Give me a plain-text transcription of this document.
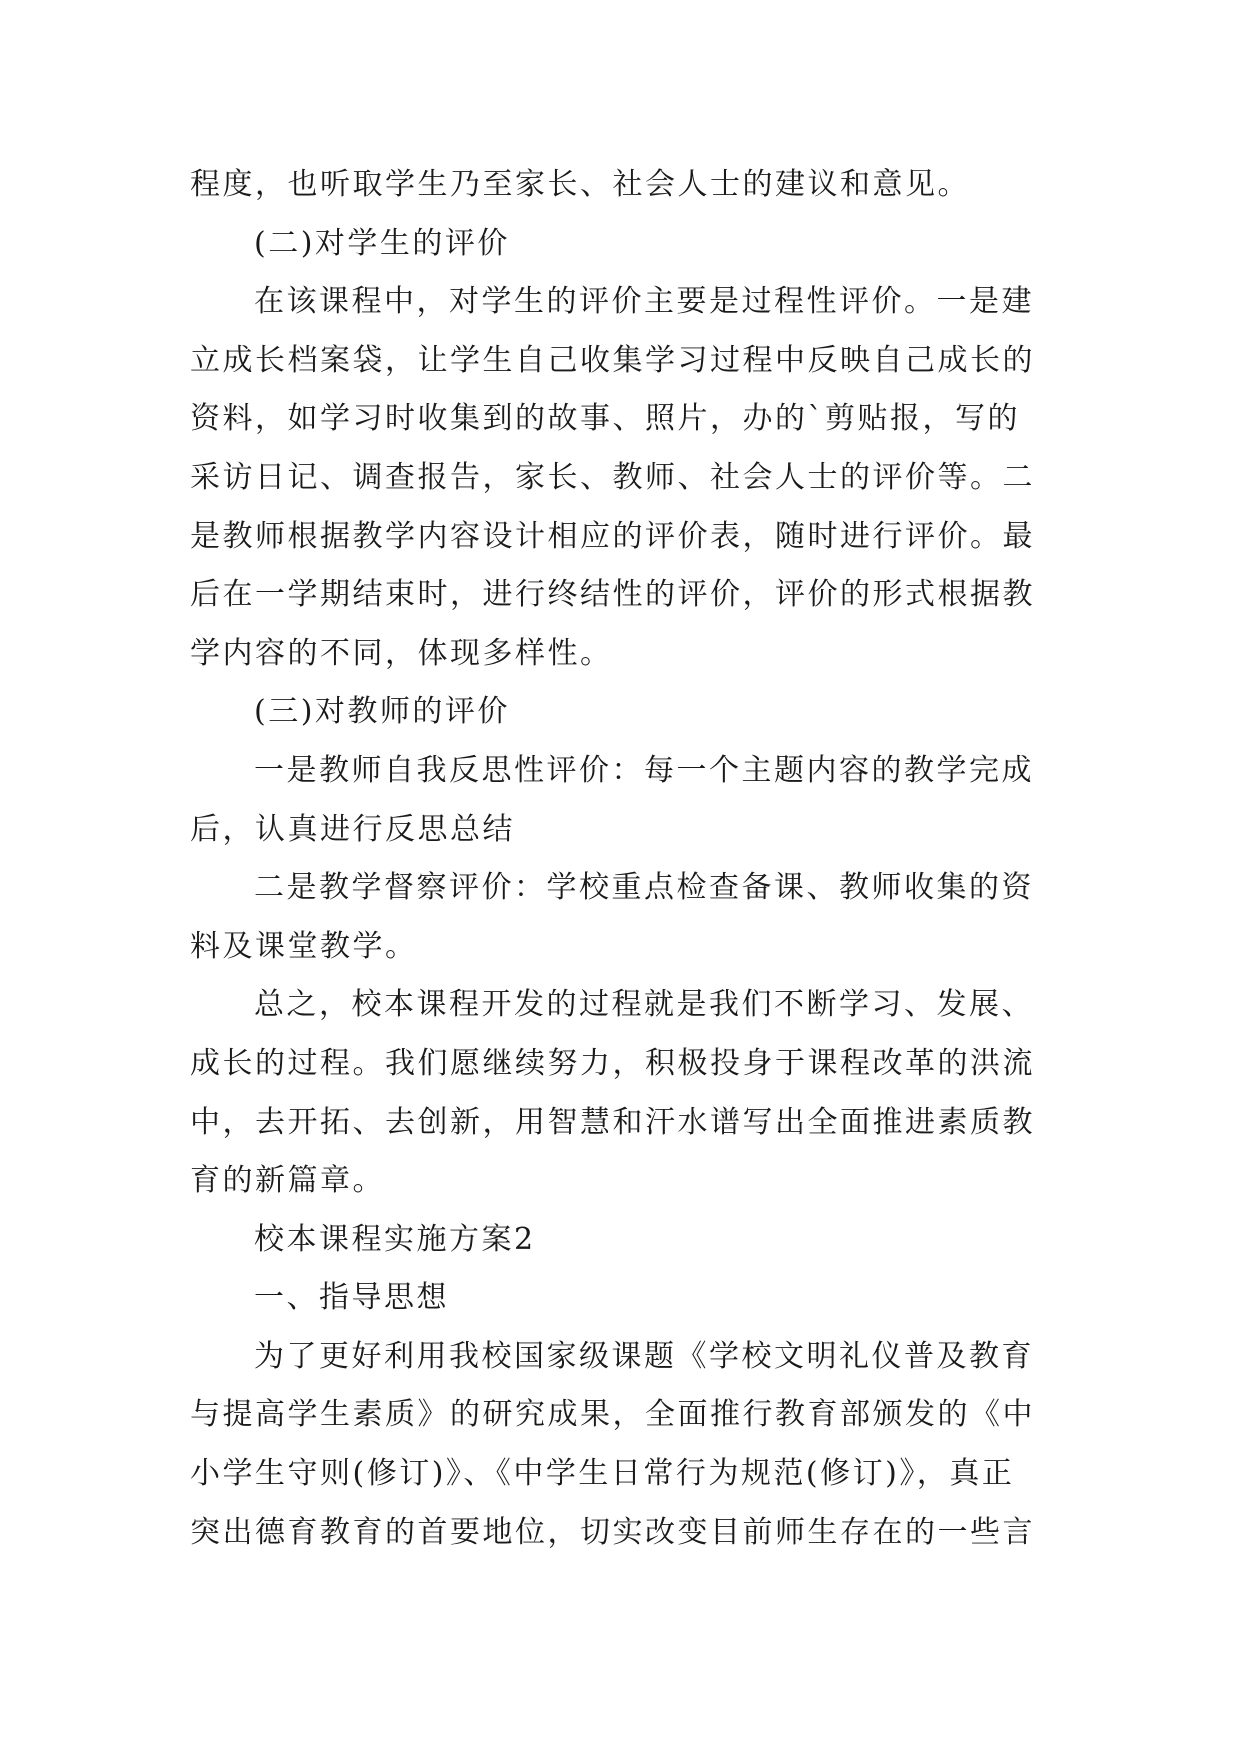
程度，也听取学生乃至家长、社会人士的建议和意见。

(二)对学生的评价

在该课程中，对学生的评价主要是过程性评价。一是建

立成长档案袋，让学生自己收集学习过程中反映自己成长的

资料，如学习时收集到的故事、照片，办的`剪贴报，写的

采访日记、调查报告，家长、教师、社会人士的评价等。二

是教师根据教学内容设计相应的评价表，随时进行评价。最

后在一学期结束时，进行终结性的评价，评价的形式根据教

学内容的不同，体现多样性。

(三)对教师的评价

一是教师自我反思性评价：每一个主题内容的教学完成

后，认真进行反思总结

二是教学督察评价：学校重点检查备课、教师收集的资

料及课堂教学。

总之，校本课程开发的过程就是我们不断学习、发展、

成长的过程。我们愿继续努力，积极投身于课程改革的洪流

中，去开拓、去创新，用智慧和汗水谱写出全面推进素质教

育的新篇章。

校本课程实施方案2

一、指导思想

为了更好利用我校国家级课题《学校文明礼仪普及教育

与提高学生素质》的研究成果，全面推行教育部颁发的《中

小学生守则(修订)》、《中学生日常行为规范(修订)》，真正

突出德育教育的首要地位，切实改变目前师生存在的一些言
